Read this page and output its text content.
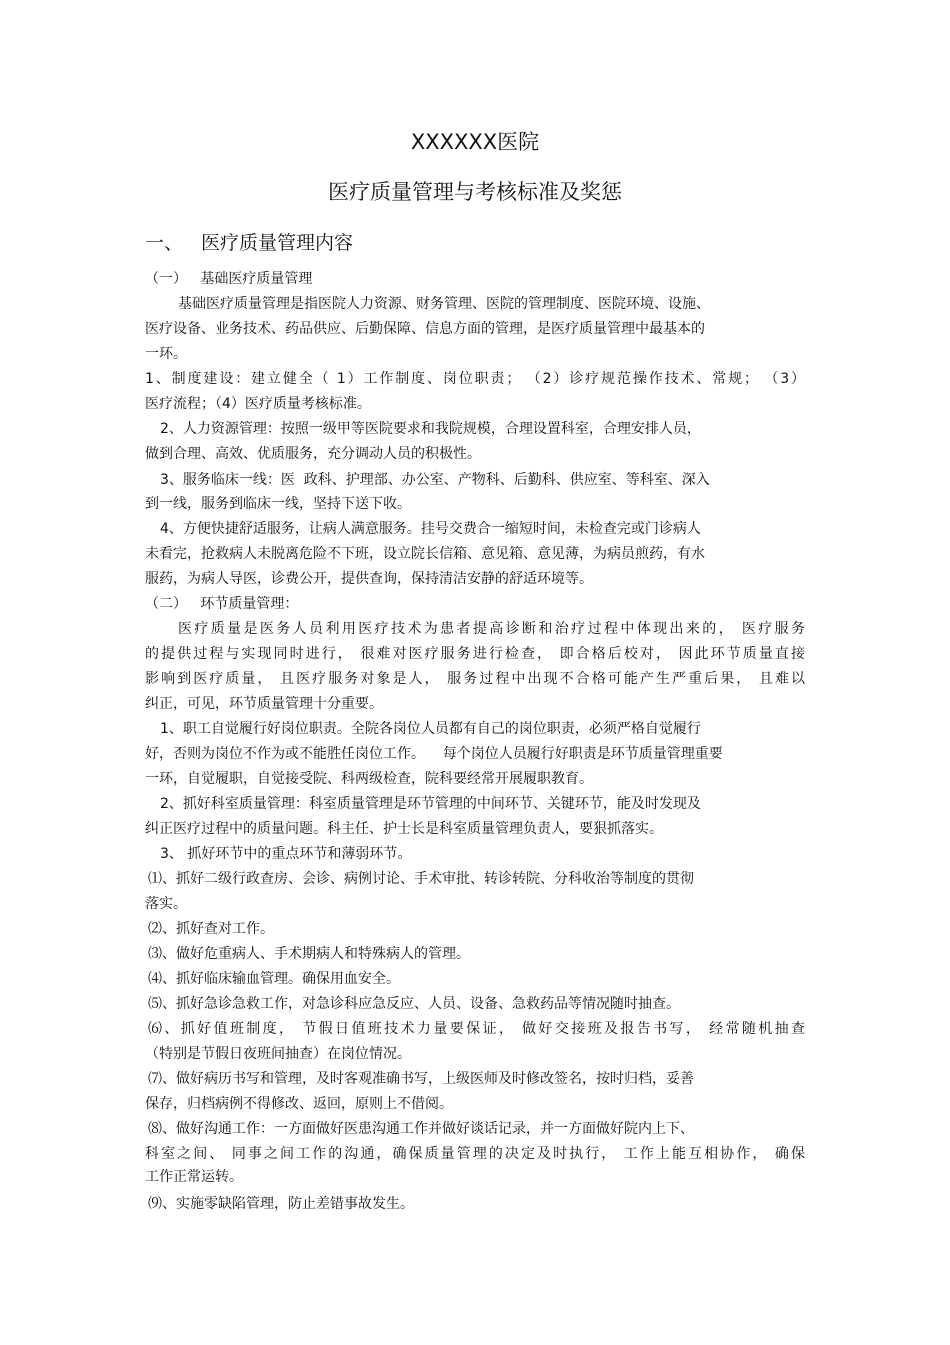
XXXXXX医院
医疗质量管理与考核标准及奖惩
一、 医疗质量管理内容
（一）   基础医疗质量管理
基础医疗质量管理是指医院人力资源、财务管理、医院的管理制度、医院环境、设施、
医疗设备、业务技术、药品供应、后勤保障、信息方面的管理，是医疗质量管理中最基本的
一环。
1、制度建设：建立健全（ 1）工作制度、岗位职责； （2）诊疗规范操作技术、常规； （3）
医疗流程；（4）医疗质量考核标准。
2、人力资源管理：按照一级甲等医院要求和我院规模，合理设置科室，合理安排人员，
做到合理、高效、优质服务，充分调动人员的积极性。
3、服务临床一线：医  政科、护理部、办公室、产物科、后勤科、供应室、等科室、深入
到一线，服务到临床一线，坚持下送下收。
4、方便快捷舒适服务，让病人满意服务。挂号交费合一缩短时间，未检查完或门诊病人
未看完，抢救病人未脱离危险不下班，设立院长信箱、意见箱、意见薄，为病员煎药，有水
服药，为病人导医，诊费公开，提供查询，保持清洁安静的舒适环境等。
（二）   环节质量管理：
医疗质量是医务人员利用医疗技术为患者提高诊断和治疗过程中体现出来的， 医疗服务
的提供过程与实现同时进行， 很难对医疗服务进行检查， 即合格后校对， 因此环节质量直接
影响到医疗质量， 且医疗服务对象是人， 服务过程中出现不合格可能产生严重后果， 且难以
纠正，可见，环节质量管理十分重要。
1、职工自觉履行好岗位职责。全院各岗位人员都有自己的岗位职责，必须严格自觉履行
好，否则为岗位不作为或不能胜任岗位工作。    每个岗位人员履行好职责是环节质量管理重要
一环，自觉履职，自觉接受院、科两级检查，院科要经常开展履职教育。
2、抓好科室质量管理：科室质量管理是环节管理的中间环节、关键环节，能及时发现及
纠正医疗过程中的质量问题。科主任、护士长是科室质量管理负责人，要狠抓落实。
3、 抓好环节中的重点环节和薄弱环节。
⑴、抓好二级行政查房、会诊、病例讨论、手术审批、转诊转院、分科收治等制度的贯彻
落实。
⑵、抓好查对工作。
⑶、做好危重病人、手术期病人和特殊病人的管理。
⑷、抓好临床输血管理。确保用血安全。
⑸、抓好急诊急救工作，对急诊科应急反应、人员、设备、急救药品等情况随时抽查。
⑹、抓好值班制度， 节假日值班技术力量要保证， 做好交接班及报告书写， 经常随机抽查
（特别是节假日夜班间抽查）在岗位情况。
⑺、做好病历书写和管理，及时客观准确书写，上级医师及时修改签名，按时归档，妥善
保存，归档病例不得修改、返回，原则上不借阅。
⑻、做好沟通工作：一方面做好医患沟通工作并做好谈话记录，并一方面做好院内上下、
科室之间、 同事之间工作的沟通，确保质量管理的决定及时执行， 工作上能互相协作， 确保
工作正常运转。
⑼、实施零缺陷管理，防止差错事故发生。
